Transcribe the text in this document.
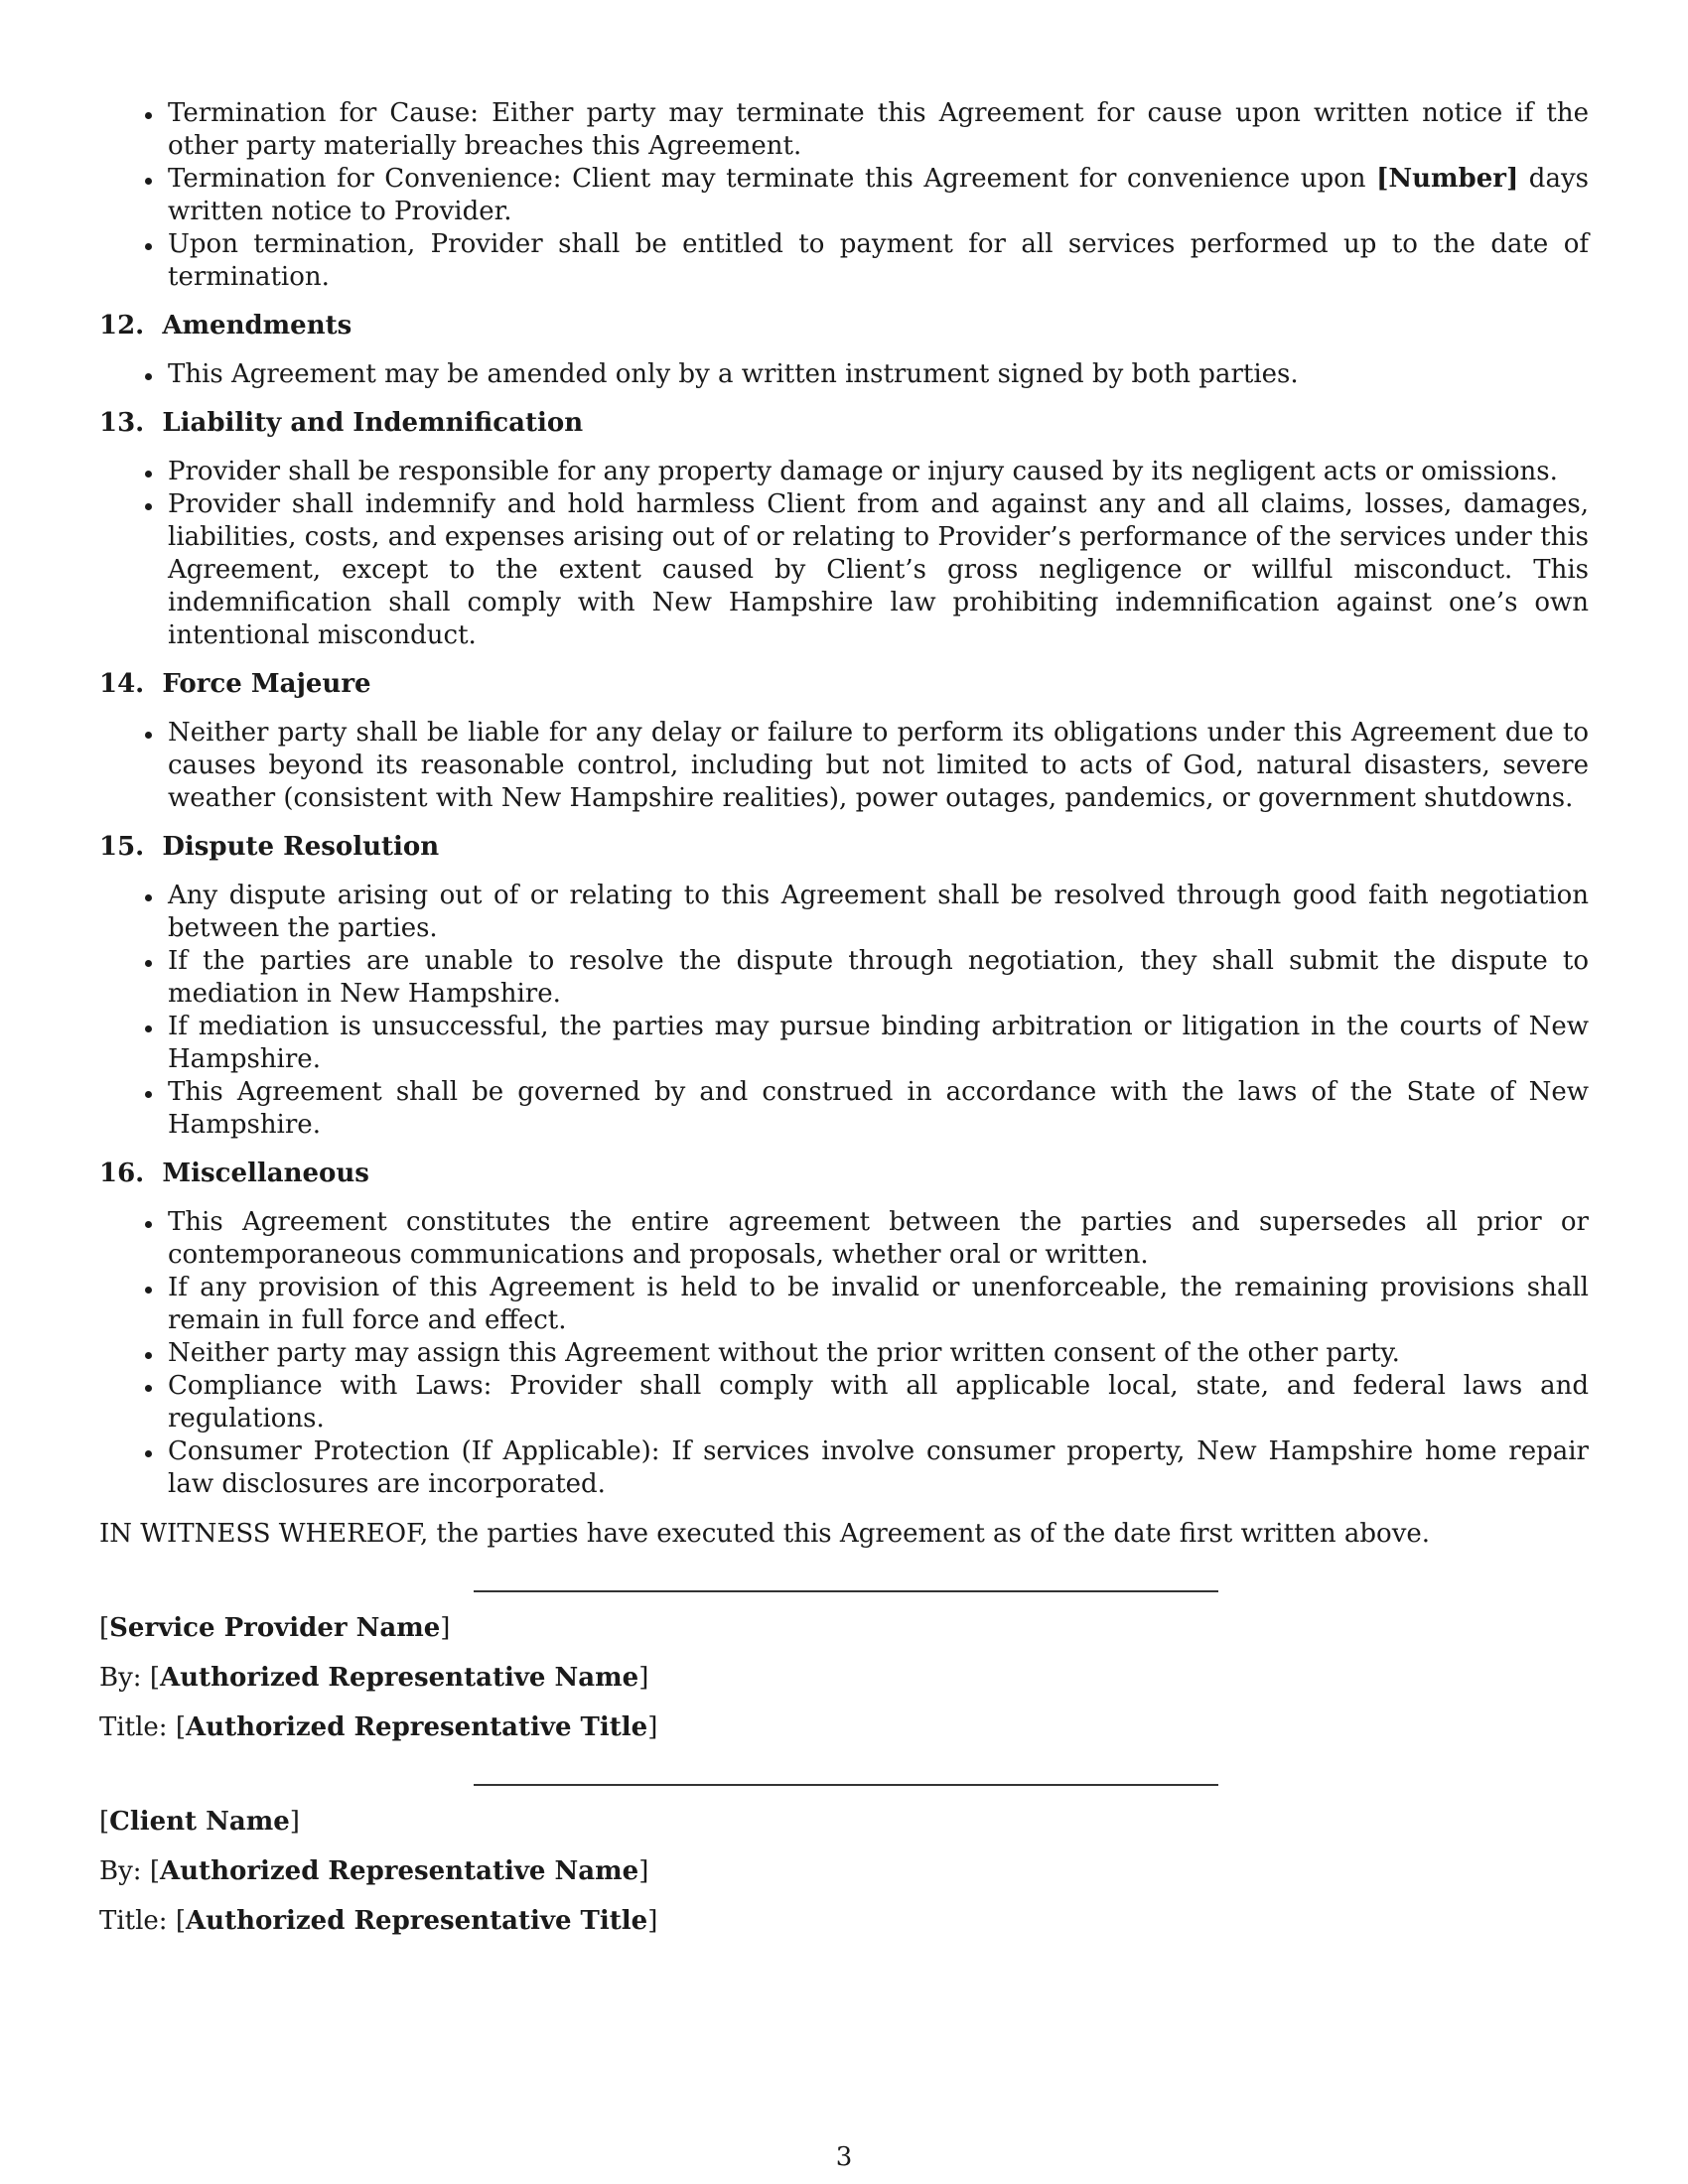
Termination for Cause: Either party may terminate this Agreement for cause upon written notice if the other party materially breaches this Agreement.
Termination for Convenience: Client may terminate this Agreement for convenience upon [Number] days written notice to Provider.
Upon termination, Provider shall be entitled to payment for all services performed up to the date of termination.
12. Amendments
This Agreement may be amended only by a written instrument signed by both parties.
13. Liability and Indemnification
Provider shall be responsible for any property damage or injury caused by its negligent acts or omissions.
Provider shall indemnify and hold harmless Client from and against any and all claims, losses, damages, liabilities, costs, and expenses arising out of or relating to Provider’s performance of the services under this Agreement, except to the extent caused by Client’s gross negligence or willful misconduct. This indemnification shall comply with New Hampshire law prohibiting indemnification against one’s own intentional misconduct.
14. Force Majeure
Neither party shall be liable for any delay or failure to perform its obligations under this Agreement due to causes beyond its reasonable control, including but not limited to acts of God, natural disasters, severe weather (consistent with New Hampshire realities), power outages, pandemics, or government shutdowns.
15. Dispute Resolution
Any dispute arising out of or relating to this Agreement shall be resolved through good faith negotiation between the parties.
If the parties are unable to resolve the dispute through negotiation, they shall submit the dispute to mediation in New Hampshire.
If mediation is unsuccessful, the parties may pursue binding arbitration or litigation in the courts of New Hampshire.
This Agreement shall be governed by and construed in accordance with the laws of the State of New Hampshire.
16. Miscellaneous
This Agreement constitutes the entire agreement between the parties and supersedes all prior or contemporaneous communications and proposals, whether oral or written.
If any provision of this Agreement is held to be invalid or unenforceable, the remaining provisions shall remain in full force and effect.
Neither party may assign this Agreement without the prior written consent of the other party.
Compliance with Laws: Provider shall comply with all applicable local, state, and federal laws and regulations.
Consumer Protection (If Applicable): If services involve consumer property, New Hampshire home repair law disclosures are incorporated.

IN WITNESS WHEREOF, the parties have executed this Agreement as of the date first written above.

[Service Provider Name]

By: [Authorized Representative Name]

Title: [Authorized Representative Title]

[Client Name]

By: [Authorized Representative Name]

Title: [Authorized Representative Title]

3
